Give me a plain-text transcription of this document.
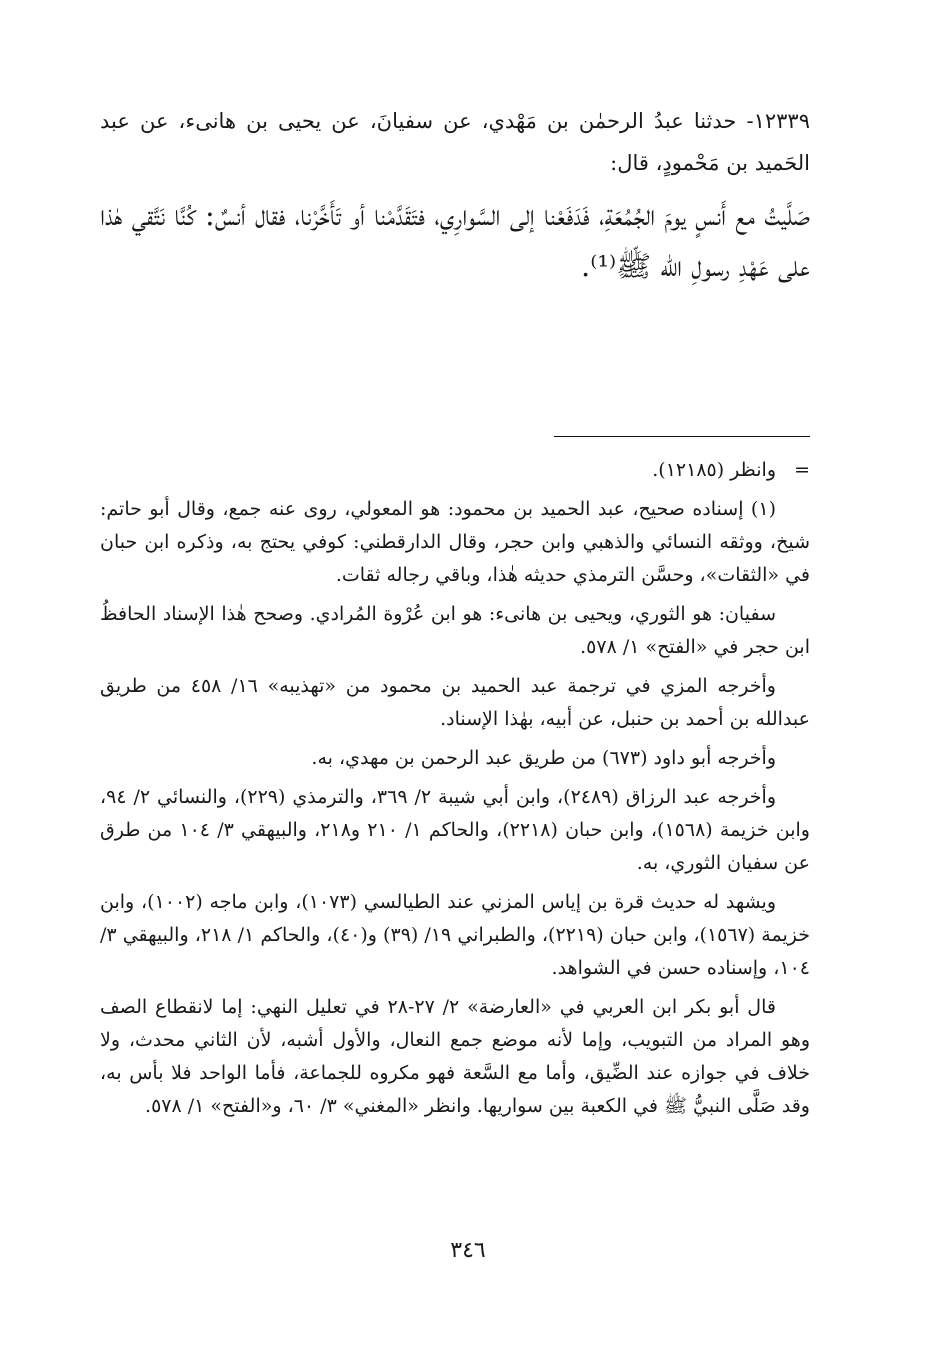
١٢٣٣٩- حدثنا عبدُ الرحمٰن بن مَهْدي، عن سفيانَ، عن يحيى بن هانىء، عن عبد الحَميد بن مَحْمودٍ، قال:

صَلَّيتُ مع أَنسٍ يومَ الجُمُعَةِ، فَدَفَعْنا إلى السَّوارِي، فتَقَدَّمْنا أو تَأَخَّرْنا، فقال أنسٌ: كُنَّا نَتَّقي هٰذا على عَهْدِ رسولِ الله ﷺ⁽¹⁾.

=وانظر (١٢١٨٥).

(١) إسناده صحيح، عبد الحميد بن محمود: هو المعولي، روى عنه جمع، وقال أبو حاتم: شيخ، ووثقه النسائي والذهبي وابن حجر، وقال الدارقطني: كوفي يحتج به، وذكره ابن حبان في «الثقات»، وحسَّن الترمذي حديثه هٰذا، وباقي رجاله ثقات.

سفيان: هو الثوري، ويحيى بن هانىء: هو ابن عُرْوة المُرادي. وصحح هٰذا الإسناد الحافظُ ابن حجر في «الفتح» ١/ ٥٧٨.

وأخرجه المزي في ترجمة عبد الحميد بن محمود من «تهذيبه» ١٦/ ٤٥٨ من طريق عبدالله بن أحمد بن حنبل، عن أبيه، بهٰذا الإسناد.

وأخرجه أبو داود (٦٧٣) من طريق عبد الرحمن بن مهدي، به.

وأخرجه عبد الرزاق (٢٤٨٩)، وابن أبي شيبة ٢/ ٣٦٩، والترمذي (٢٢٩)، والنسائي ٢/ ٩٤، وابن خزيمة (١٥٦٨)، وابن حبان (٢٢١٨)، والحاكم ١/ ٢١٠ و٢١٨، والبيهقي ٣/ ١٠٤ من طرق عن سفيان الثوري، به.

ويشهد له حديث قرة بن إياس المزني عند الطيالسي (١٠٧٣)، وابن ماجه (١٠٠٢)، وابن خزيمة (١٥٦٧)، وابن حبان (٢٢١٩)، والطبراني ١٩/ (٣٩) و(٤٠)، والحاكم ١/ ٢١٨، والبيهقي ٣/ ١٠٤، وإسناده حسن في الشواهد.

قال أبو بكر ابن العربي في «العارضة» ٢/ ٢٧-٢٨ في تعليل النهي: إما لانقطاع الصف وهو المراد من التبويب، وإما لأنه موضع جمع النعال، والأول أشبه، لأن الثاني محدث، ولا خلاف في جوازه عند الضِّيق، وأما مع السَّعة فهو مكروه للجماعة، فأما الواحد فلا بأس به، وقد صَلَّى النبيُّ ﷺ في الكعبة بين سواريها. وانظر «المغني» ٣/ ٦٠، و«الفتح» ١/ ٥٧٨.

٣٤٦
